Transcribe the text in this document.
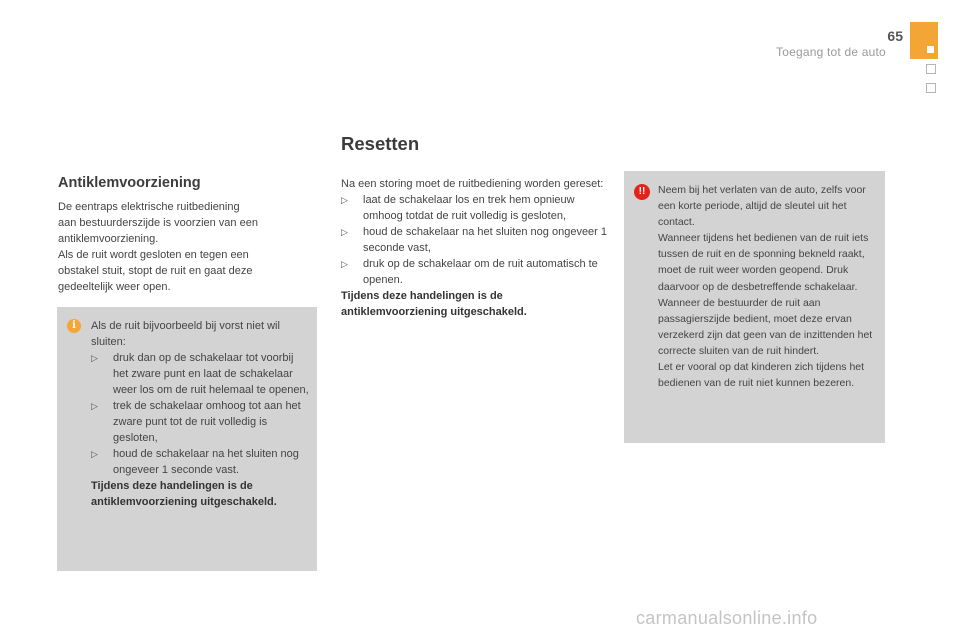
65
Toegang tot de auto
Antiklemvoorziening

De eentraps elektrische ruitbediening

aan bestuurderszijde is voorzien van een

antiklemvoorziening.

Als de ruit wordt gesloten en tegen een

obstakel stuit, stopt de ruit en gaat deze

gedeeltelijk weer open.

i	Als de ruit bijvoorbeeld bij vorst niet wil sluiten:

▷ druk dan op de schakelaar tot voorbij het zware punt en laat de schakelaar weer los om de ruit helemaal te openen,

▷ trek de schakelaar omhoog tot aan het zware punt tot de ruit volledig is gesloten,

▷ houd de schakelaar na het sluiten nog ongeveer 1 seconde vast.

Tijdens deze handelingen is de antiklemvoorziening uitgeschakeld.

Resetten

Na een storing moet de ruitbediening worden gereset:

▷ laat de schakelaar los en trek hem opnieuw omhoog totdat de ruit volledig is gesloten,

▷ houd de schakelaar na het sluiten nog ongeveer 1 seconde vast,

▷ druk op de schakelaar om de ruit automatisch te openen.

Tijdens deze handelingen is de antiklemvoorziening uitgeschakeld.

!!	Neem bij het verlaten van de auto, zelfs voor een korte periode, altijd de sleutel uit het contact.

Wanneer tijdens het bedienen van de ruit iets tussen de ruit en de sponning bekneld raakt, moet de ruit weer worden geopend. Druk daarvoor op de desbetreffende schakelaar.

Wanneer de bestuurder de ruit aan passagierszijde bedient, moet deze ervan verzekerd zijn dat geen van de inzittenden het correcte sluiten van de ruit hindert.

Let er vooral op dat kinderen zich tijdens het bedienen van de ruit niet kunnen bezeren.

carmanualsonline.info
